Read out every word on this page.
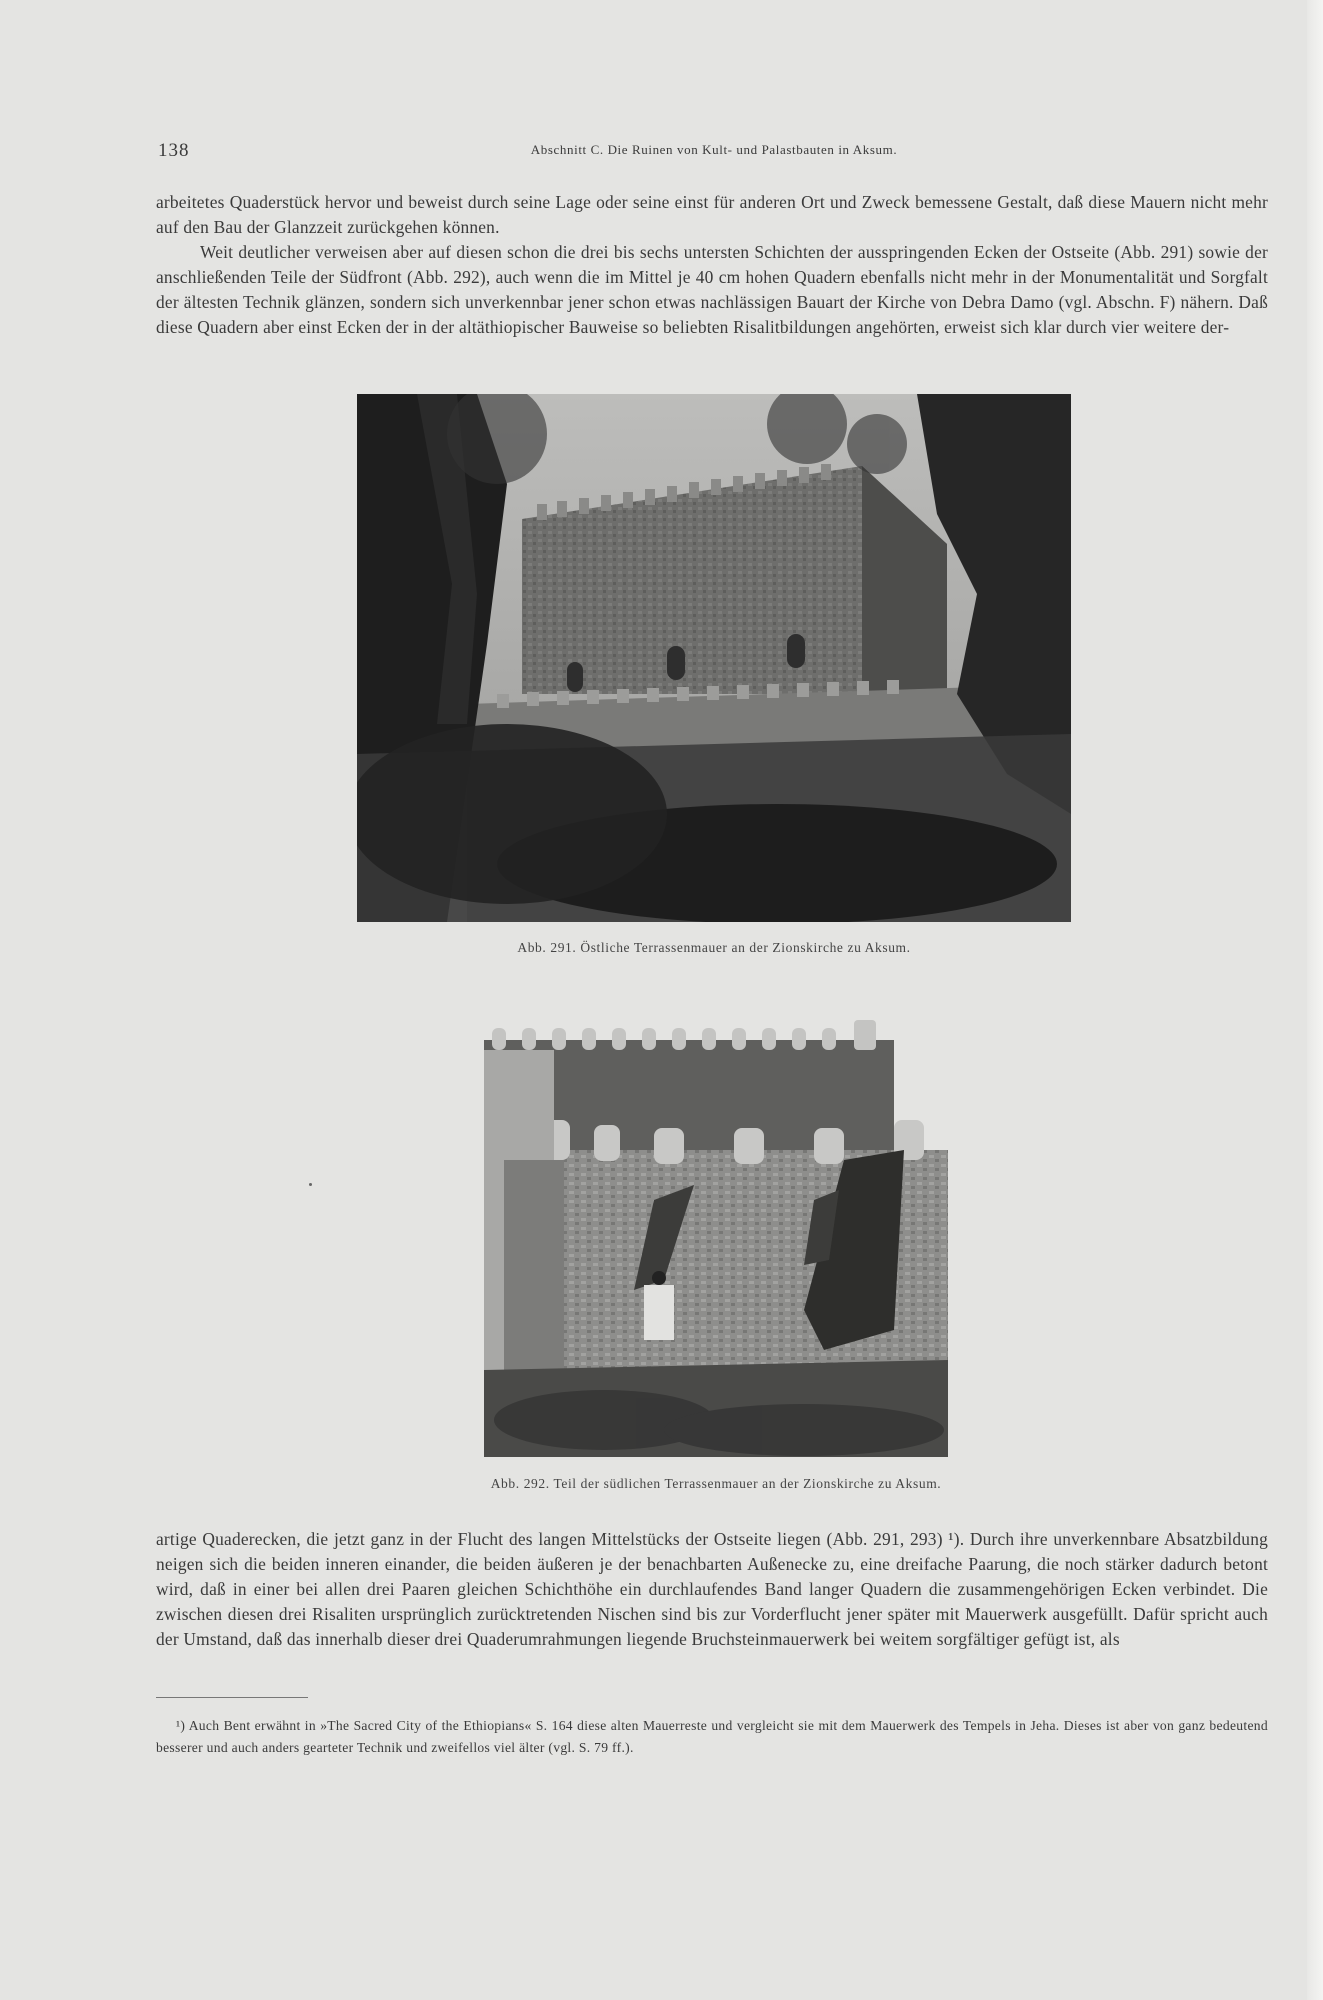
138	Abschnitt C. Die Ruinen von Kult- und Palastbauten in Aksum.

arbeitetes Quaderstück hervor und beweist durch seine Lage oder seine einst für anderen Ort und Zweck bemessene Gestalt, daß diese Mauern nicht mehr auf den Bau der Glanzzeit zurückgehen können.

Weit deutlicher verweisen aber auf diesen schon die drei bis sechs untersten Schichten der ausspringenden Ecken der Ostseite (Abb. 291) sowie der anschließenden Teile der Südfront (Abb. 292), auch wenn die im Mittel je 40 cm hohen Quadern ebenfalls nicht mehr in der Monumentalität und Sorgfalt der ältesten Technik glänzen, sondern sich unverkennbar jener schon etwas nachlässigen Bauart der Kirche von Debra Damo (vgl. Abschn. F) nähern. Daß diese Quadern aber einst Ecken der in der altäthiopischer Bauweise so beliebten Risalitbildungen angehörten, erweist sich klar durch vier weitere der-

Abb. 291. Östliche Terrassenmauer an der Zionskirche zu Aksum.
Abb. 292. Teil der südlichen Terrassenmauer an der Zionskirche zu Aksum.

artige Quaderecken, die jetzt ganz in der Flucht des langen Mittelstücks der Ostseite liegen (Abb. 291, 293) ¹). Durch ihre unverkennbare Absatzbildung neigen sich die beiden inneren einander, die beiden äußeren je der benachbarten Außenecke zu, eine dreifache Paarung, die noch stärker dadurch betont wird, daß in einer bei allen drei Paaren gleichen Schichthöhe ein durchlaufendes Band langer Quadern die zusammengehörigen Ecken verbindet. Die zwischen diesen drei Risaliten ursprünglich zurücktretenden Nischen sind bis zur Vorderflucht jener später mit Mauerwerk ausgefüllt. Dafür spricht auch der Umstand, daß das innerhalb dieser drei Quaderumrahmungen liegende Bruchsteinmauerwerk bei weitem sorgfältiger gefügt ist, als

¹) Auch Bent erwähnt in »The Sacred City of the Ethiopians« S. 164 diese alten Mauerreste und vergleicht sie mit dem Mauerwerk des Tempels in Jeha. Dieses ist aber von ganz bedeutend besserer und auch anders gearteter Technik und zweifellos viel älter (vgl. S. 79 ff.).
